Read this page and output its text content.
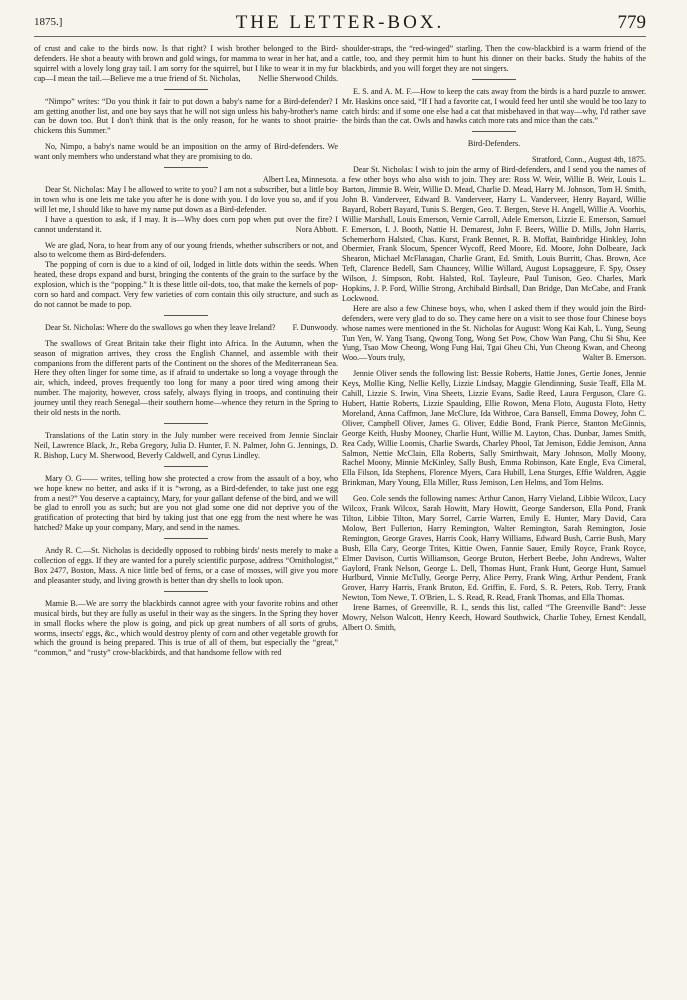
1875.]	THE LETTER-BOX.	779

of crust and cake to the birds now. Is that right? I wish brother belonged to the Bird-defenders. He shot a beauty with brown and gold wings, for mamma to wear in her hat, and a squirrel with a lovely long gray tail. I am sorry for the squirrel, but I like to wear it in my fur cap—I mean the tail.—Believe me a true friend of St. Nicholas,	Nellie Sherwood Childs.

“Nimpo” writes: “Do you think it fair to put down a baby's name for a Bird-defender? I am getting another list, and one boy says that he will not sign unless his baby-brother's name can be down too. But I don't think that is the only reason, for he wants to shoot prairie-chickens this Summer.”

No, Nimpo, a baby's name would be an imposition on the army of Bird-defenders. We want only members who understand what they are promising to do.

Albert Lea, Minnesota.

Dear St. Nicholas: May I be allowed to write to you? I am not a subscriber, but a little boy in town who is one lets me take you after he is done with you. I do love you so, and if you will let me, I should like to have my name put down as a Bird-defender.

I have a question to ask, if I may. It is—Why does corn pop when put over the fire? I cannot understand it.	Nora Abbott.

We are glad, Nora, to hear from any of our young friends, whether subscribers or not, and also to welcome them as Bird-defenders.

The popping of corn is due to a kind of oil, lodged in little dots within the seeds. When heated, these drops expand and burst, bringing the contents of the grain to the surface by the explosion, which is the “popping.” It is these little oil-dots, too, that make the kernels of pop-corn so hard and compact. Very few varieties of corn contain this oily structure, and such as do not cannot be made to pop.

Dear St. Nicholas: Where do the swallows go when they leave Ireland?	F. Dunwoody.

The swallows of Great Britain take their flight into Africa. In the Autumn, when the season of migration arrives, they cross the English Channel, and assemble with their companions from the different parts of the Continent on the shores of the Mediterranean Sea. Here they often linger for some time, as if afraid to undertake so long a voyage through the air, which, indeed, proves frequently too long for many a poor tired wing among their number. The majority, however, cross safely, always flying in troops, and continuing their journey until they reach Senegal—their southern home—whence they return in the Spring to their old nests in the north.

Translations of the Latin story in the July number were received from Jennie Sinclair Neil, Lawrence Black, Jr., Reba Gregory, Julia D. Hunter, F. N. Palmer, John G. Jennings, D. R. Bishop, Lucy M. Sherwood, Beverly Caldwell, and Cyrus Lindley.

Mary O. G—— writes, telling how she protected a crow from the assault of a boy, who we hope knew no better, and asks if it is “wrong, as a Bird-defender, to take just one egg from a nest?” You deserve a captaincy, Mary, for your gallant defense of the bird, and we will be glad to enroll you as such; but are you not glad some one did not deprive you of the gratification of protecting that bird by taking just that one egg from the nest where he was hatched? Make up your company, Mary, and send in the names.

Andy R. C.—St. Nicholas is decidedly opposed to robbing birds' nests merely to make a collection of eggs. If they are wanted for a purely scientific purpose, address “Ornithologist,” Box 2477, Boston, Mass. A nice little bed of ferns, or a case of mosses, will give you more and pleasanter study, and living growth is better than dry shells to look upon.

Mamie B.—We are sorry the blackbirds cannot agree with your favorite robins and other musical birds, but they are fully as useful in their way as the singers. In the Spring they hover in small flocks where the plow is going, and pick up great numbers of all sorts of grubs, worms, insects' eggs, &c., which would destroy plenty of corn and other vegetable growth for which the ground is being prepared. This is true of all of them, but especially the “great,” “common,” and “rusty” crow-blackbirds, and that handsome fellow with red

shoulder-straps, the “red-winged” starling. Then the cow-blackbird is a warm friend of the cattle, too, and they permit him to hunt his dinner on their backs. Study the habits of the blackbirds, and you will forget they are not singers.

E. S. and A. M. F.—How to keep the cats away from the birds is a hard puzzle to answer. Mr. Haskins once said, “If I had a favorite cat, I would feed her until she would be too lazy to catch birds: and if some one else had a cat that misbehaved in that way—why, I'd rather save the birds than the cat. Owls and hawks catch more rats and mice than the cats.”

Bird-Defenders.

Stratford, Conn., August 4th, 1875.

Dear St. Nicholas: I wish to join the army of Bird-defenders, and I send you the names of a few other boys who also wish to join. They are: Ross W. Weir, Willie B. Weir, Louis L. Barton, Jimmie B. Weir, Willie D. Mead, Charlie D. Mead, Harry M. Johnson, Tom H. Smith, John B. Vanderveer, Edward B. Vanderveer, Harry L. Vanderveer, Henry Bayard, Willie Bayard, Robert Bayard, Tunis S. Bergen, Geo. T. Bergen, Steve H. Angell, Willie A. Voorhis, Willie Marshall, Louis Emerson, Vernie Carroll, Adele Emerson, Lizzie E. Emerson, Samuel F. Emerson, I. J. Booth, Nattie H. Demarest, John F. Beers, Willie D. Mills, John Harris, Schemerhorn Halsted, Chas. Kurst, Frank Bennet, R. B. Moffat, Bainbridge Hinkley, John Obermier, Frank Slocum, Spencer Wycoff, Reed Moore, Ed. Moore, John Dolbeare, Jack Shearon, Michael McFlanagan, Charlie Grant, Ed. Smith, Louis Burritt, Chas. Brown, Ace Teft, Clarence Bedell, Sam Chauncey, Willie Willard, August Lopsaggeure, F. Spy, Ossey Wilson, J. Simpson, Robt. Halsted, Rol. Tayleure, Paul Tunison, Geo. Charles, Mark Hopkins, J. P. Ford, Willie Strong, Archibald Birdsall, Dan Bridge, Dan McCabe, and Frank Lockwood.

Here are also a few Chinese boys, who, when I asked them if they would join the Bird-defenders, were very glad to do so. They came here on a visit to see those four Chinese boys whose names were mentioned in the St. Nicholas for August: Wong Kai Kah, L. Yung, Seung Tun Yen, W. Yang Tsang, Qwong Tong, Wong Set Pow, Chow Wan Pang, Chu Si Shu, Kee Yung, Tsao Mow Cheong, Wong Fung Hai, Tgai Gheu Chi, Yun Cheong Kwan, and Cheong Woo.—Yours truly,	Walter B. Emerson.

Jennie Oliver sends the following list: Bessie Roberts, Hattie Jones, Gertie Jones, Jennie Keys, Mollie King, Nellie Kelly, Lizzie Lindsay, Maggie Glendinning, Susie Teaff, Ella M. Cahill, Lizzie S. Irwin, Vina Sheets, Lizzie Evans, Sadie Reed, Laura Ferguson, Clare G. Hubert, Hattie Roberts, Lizzie Spaulding, Ellie Rowon, Mena Floto, Augusta Floto, Hetty Moreland, Anna Caffmon, Jane McClure, Ida Withroe, Cara Bansell, Emma Dowey, John C. Oliver, Campbell Oliver, James G. Oliver, Eddie Bond, Frank Pierce, Stanton McGinnis, George Keith, Husby Mooney, Charlie Hunt, Willie M. Layton, Chas. Dunbar, James Smith, Rea Cady, Willie Loomis, Charlie Swards, Charley Phool, Tat Jemison, Eddie Jemison, Anna Salmon, Nettie McClain, Ella Roberts, Sally Smirthwait, Mary Johnson, Molly Moony, Rachel Moony, Minnie McKinley, Sally Bush, Emma Robinson, Kate Engle, Eva Cimeral, Ella Filson, Ida Stephens, Florence Myers, Cara Hubill, Lena Sturges, Effie Waldren, Aggie Brinkman, Mary Young, Ella Miller, Russ Jemison, Len Helms, and Tom Helms.

Geo. Cole sends the following names: Arthur Canon, Harry Vieland, Libbie Wilcox, Lucy Wilcox, Frank Wilcox, Sarah Howitt, Mary Howitt, George Sanderson, Ella Pond, Frank Tilton, Libbie Tilton, Mary Sorrel, Carrie Warren, Emily E. Hunter, Mary David, Cara Molow, Bert Fullerton, Harry Remington, Walter Remington, Sarah Remington, Josie Remington, George Graves, Harris Cook, Harry Williams, Edward Bush, Carrie Bush, Mary Bush, Ella Cary, George Trites, Kittie Owen, Fannie Sauer, Emily Royce, Frank Royce, Elmer Davison, Curtis Williamson, George Bruton, Herbert Beebe, John Andrews, Walter Gaylord, Frank Nelson, George L. Dell, Thomas Hunt, Frank Hunt, George Hunt, Samuel Hurlburd, Vinnie McTully, George Perry, Alice Perry, Frank Wing, Arthur Pendent, Frank Grover, Harry Harris, Frank Bruton, Ed. Griffin, E. Ford, S. R. Peters, Rob. Terry, Frank Newton, Tom Newe, T. O'Brien, L. S. Read, R. Read, Frank Thomas, and Ella Thomas.

Irene Barnes, of Greenville, R. I., sends this list, called “The Greenville Band”: Jesse Mowry, Nelson Walcott, Henry Keech, Howard Southwick, Charlie Tobey, Ernest Kendall, Albert O. Smith,
